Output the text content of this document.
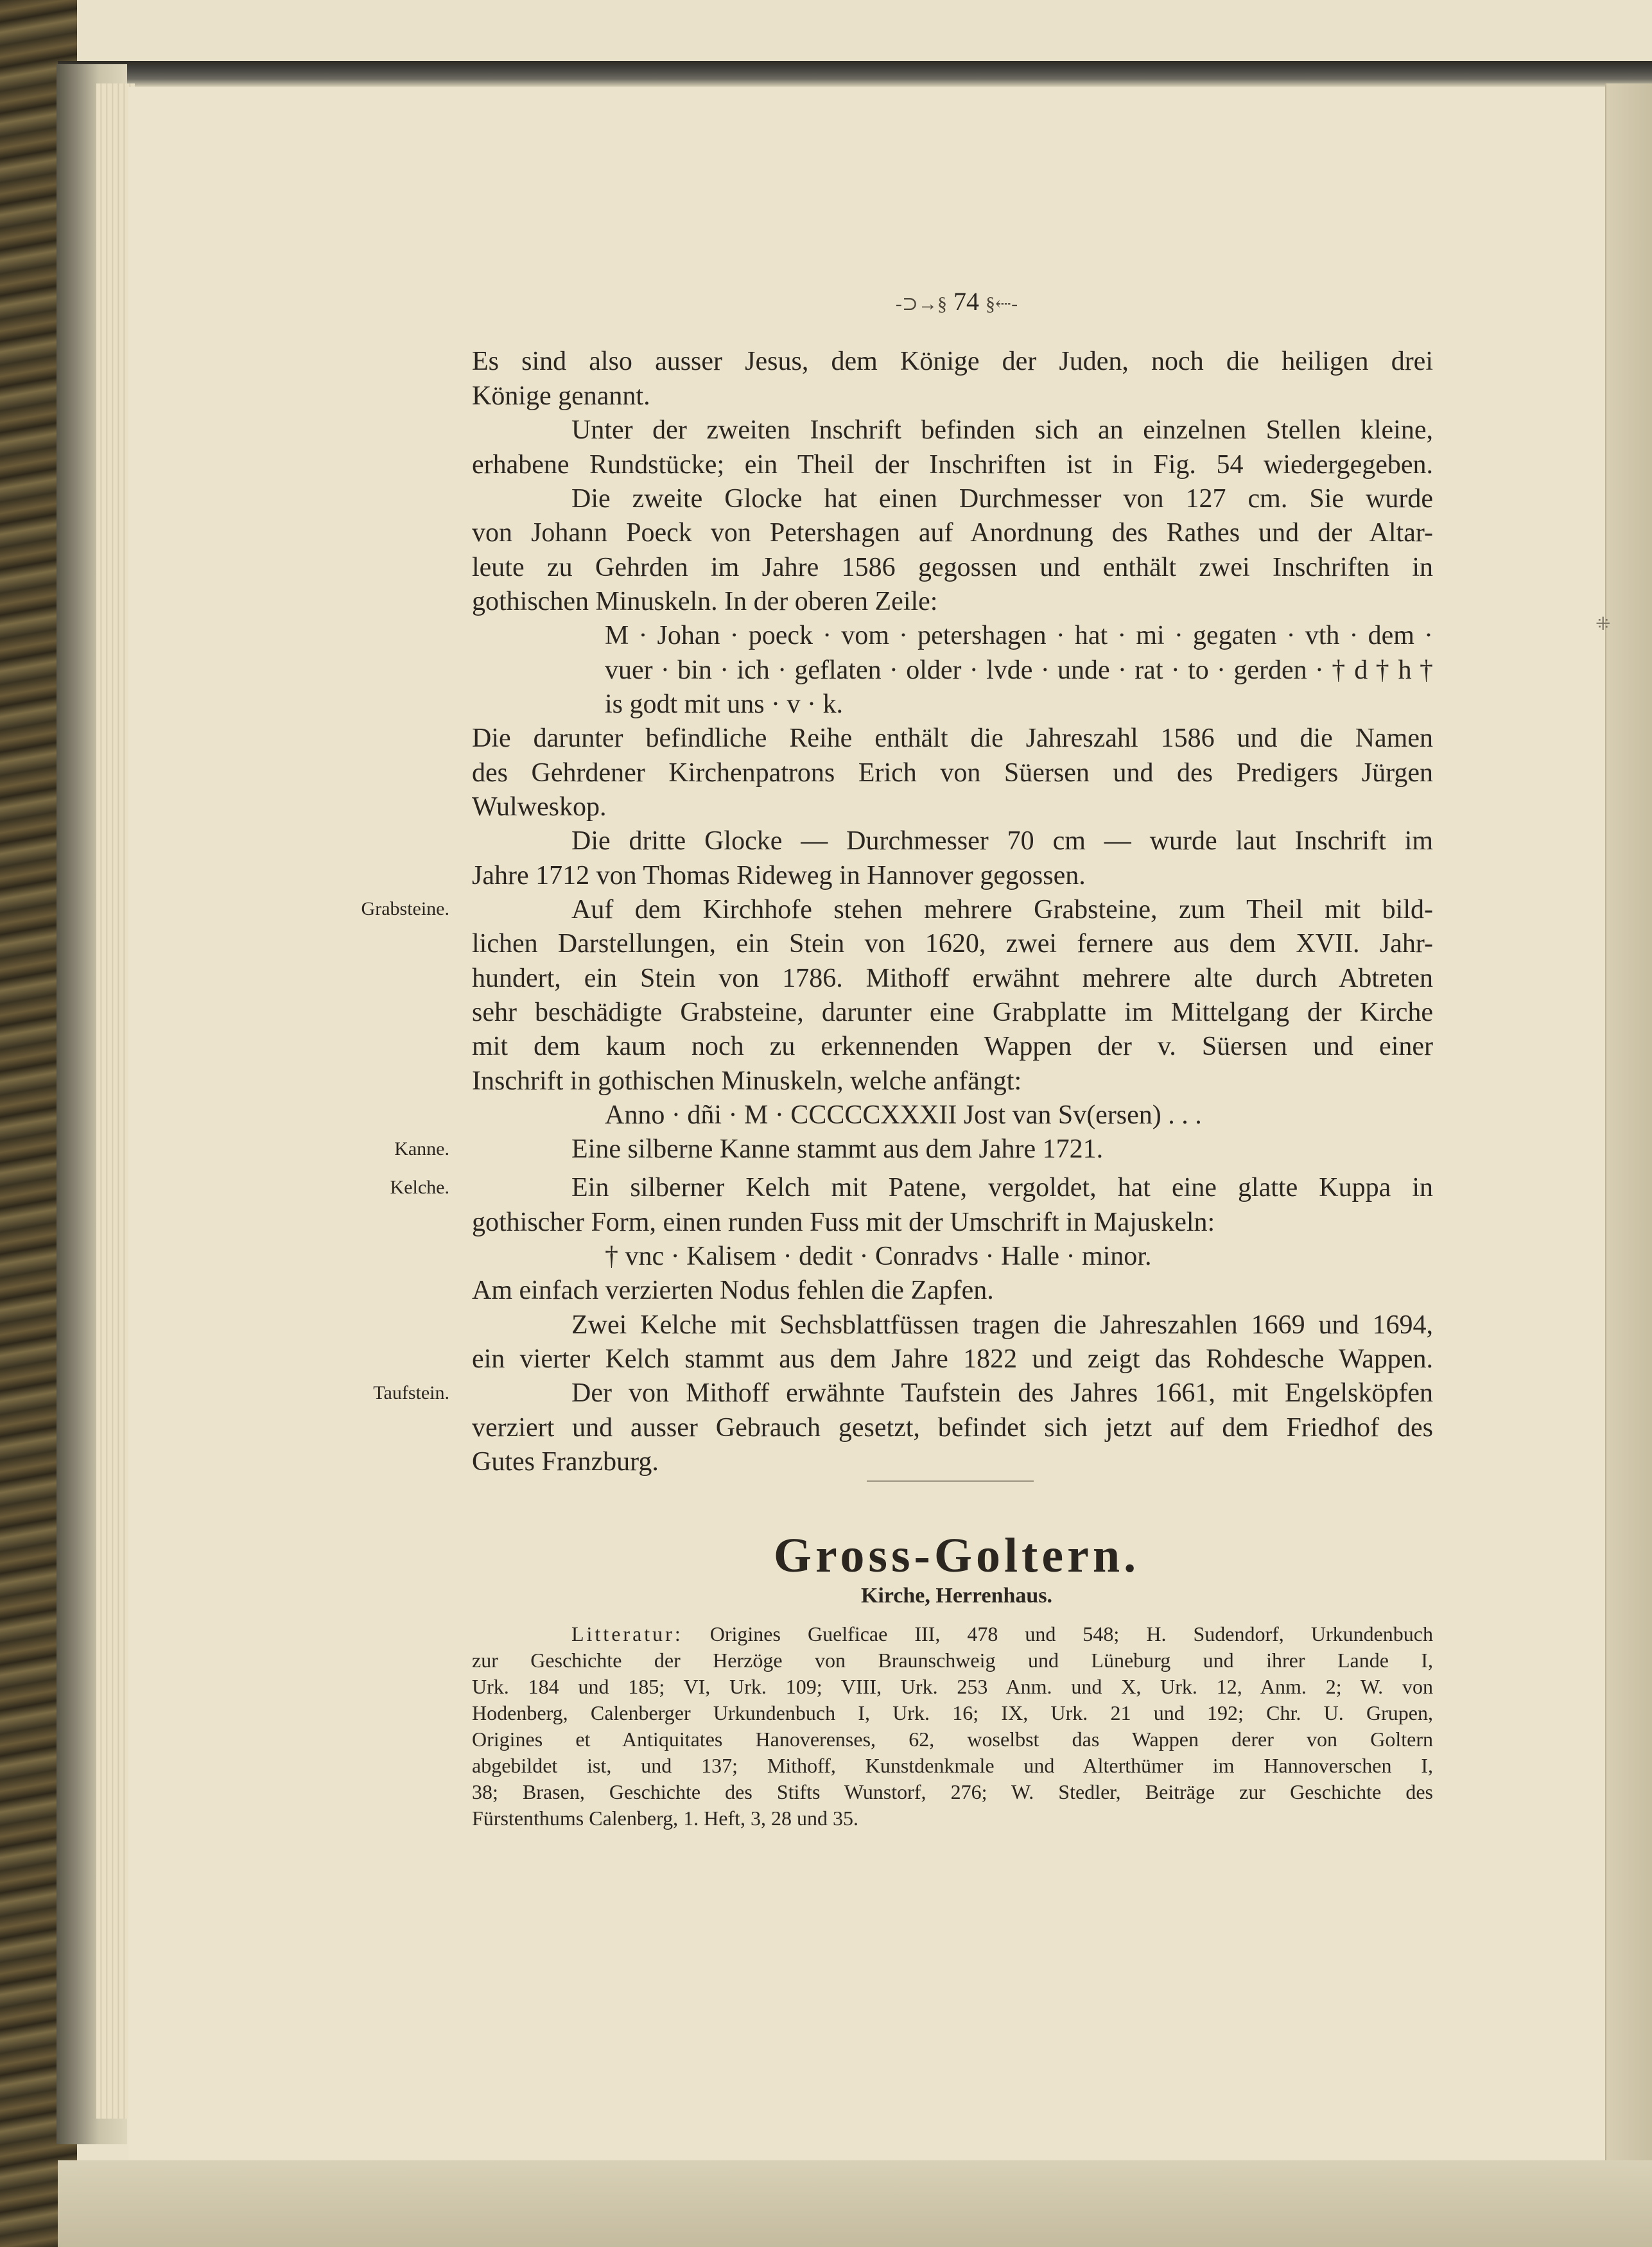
⁜
-⊃→§ 74 §⇠-
Es sind also ausser Jesus, dem Könige der Juden, noch die heiligen drei
Könige genannt.
Unter der zweiten Inschrift befinden sich an einzelnen Stellen kleine,
erhabene Rundstücke; ein Theil der Inschriften ist in Fig. 54 wiedergegeben.
Die zweite Glocke hat einen Durchmesser von 127 cm. Sie wurde
von Johann Poeck von Petershagen auf Anordnung des Rathes und der Altar-
leute zu Gehrden im Jahre 1586 gegossen und enthält zwei Inschriften in
gothischen Minuskeln. In der oberen Zeile:
M · Johan · poeck · vom · petershagen · hat · mi · gegaten · vth · dem ·
vuer · bin · ich · geflaten · older · lvde · unde · rat · to · gerden · † d † h †
is godt mit uns · v · k.
Die darunter befindliche Reihe enthält die Jahreszahl 1586 und die Namen
des Gehrdener Kirchenpatrons Erich von Süersen und des Predigers Jürgen
Wulweskop.
Die dritte Glocke — Durchmesser 70 cm — wurde laut Inschrift im
Jahre 1712 von Thomas Rideweg in Hannover gegossen.
Grabsteine.	Auf dem Kirchhofe stehen mehrere Grabsteine, zum Theil mit bild-
lichen Darstellungen, ein Stein von 1620, zwei fernere aus dem XVII. Jahr-
hundert, ein Stein von 1786. Mithoff erwähnt mehrere alte durch Abtreten
sehr beschädigte Grabsteine, darunter eine Grabplatte im Mittelgang der Kirche
mit dem kaum noch zu erkennenden Wappen der v. Süersen und einer
Inschrift in gothischen Minuskeln, welche anfängt:
Anno · dñi · M · CCCCCXXXII Jost van Sv(ersen) . . .
Kanne.	Eine silberne Kanne stammt aus dem Jahre 1721.
Kelche.	Ein silberner Kelch mit Patene, vergoldet, hat eine glatte Kuppa in
gothischer Form, einen runden Fuss mit der Umschrift in Majuskeln:
† vnc · Kalisem · dedit · Conradvs · Halle · minor.
Am einfach verzierten Nodus fehlen die Zapfen.
Zwei Kelche mit Sechsblattfüssen tragen die Jahreszahlen 1669 und 1694,
ein vierter Kelch stammt aus dem Jahre 1822 und zeigt das Rohdesche Wappen.
Taufstein.	Der von Mithoff erwähnte Taufstein des Jahres 1661, mit Engelsköpfen
verziert und ausser Gebrauch gesetzt, befindet sich jetzt auf dem Friedhof des
Gutes Franzburg.
Gross-Goltern.
Kirche, Herrenhaus.
Litteratur: Origines Guelficae III, 478 und 548; H. Sudendorf, Urkundenbuch
zur Geschichte der Herzöge von Braunschweig und Lüneburg und ihrer Lande I,
Urk. 184 und 185; VI, Urk. 109; VIII, Urk. 253 Anm. und X, Urk. 12, Anm. 2; W. von
Hodenberg, Calenberger Urkundenbuch I, Urk. 16; IX, Urk. 21 und 192; Chr. U. Grupen,
Origines et Antiquitates Hanoverenses, 62, woselbst das Wappen derer von Goltern
abgebildet ist, und 137; Mithoff, Kunstdenkmale und Alterthümer im Hannoverschen I,
38; Brasen, Geschichte des Stifts Wunstorf, 276; W. Stedler, Beiträge zur Geschichte des
Fürstenthums Calenberg, 1. Heft, 3, 28 und 35.
